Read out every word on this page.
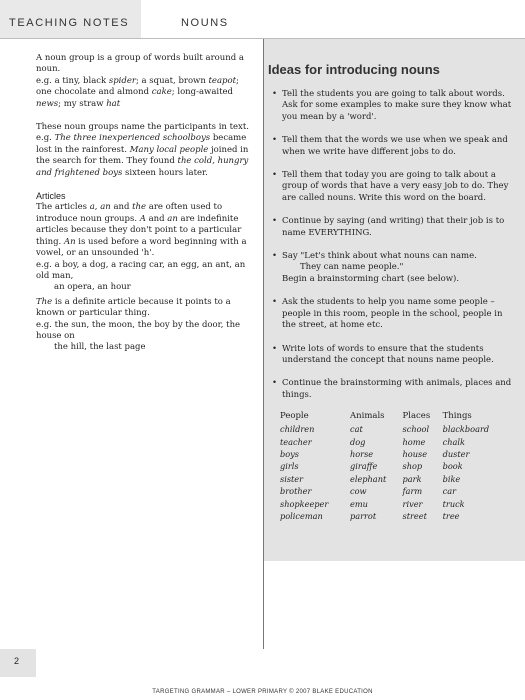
TEACHING NOTES	NOUNS

A noun group is a group of words built around a noun.
e.g. a tiny, black spider; a squat, brown teapot; one chocolate and almond cake; long-awaited news; my straw hat

These noun groups name the participants in text.
e.g. The three inexperienced schoolboys became lost in the rainforest. Many local people joined in the search for them. They found the cold, hungry and frightened boys sixteen hours later.

Articles

The articles a, an and the are often used to introduce noun groups. A and an are indefinite articles because they don't point to a particular thing. An is used before a word beginning with a vowel, or an unsounded 'h'.

e.g. a boy, a dog, a racing car, an egg, an ant, an old man,
an opera, an hour

The is a definite article because it points to a known or particular thing.

e.g. the sun, the moon, the boy by the door, the house on
the hill, the last page

Ideas for introducing nouns
• Tell the students you are going to talk about words. Ask for some examples to make sure they know what you mean by a 'word'.
• Tell them that the words we use when we speak and when we write have different jobs to do.
• Tell them that today you are going to talk about a group of words that have a very easy job to do. They are called nouns. Write this word on the board.
• Continue by saying (and writing) that their job is to name EVERYTHING.
• Say "Let's think about what nouns can name.
They can name people."
Begin a brainstorming chart (see below).
• Ask the students to help you name some people – people in this room, people in the school, people in the street, at home etc.
• Write lots of words to ensure that the students understand the concept that nouns name people.
• Continue the brainstorming with animals, places and things.
People	Animals	Places	Things
children	cat	school	blackboard
teacher	dog	home	chalk
boys	horse	house	duster
girls	giraffe	shop	book
sister	elephant	park	bike
brother	cow	farm	car
shopkeeper	emu	river	truck
policeman	parrot	street	tree
2
TARGETING GRAMMAR – LOWER PRIMARY © 2007 BLAKE EDUCATION
